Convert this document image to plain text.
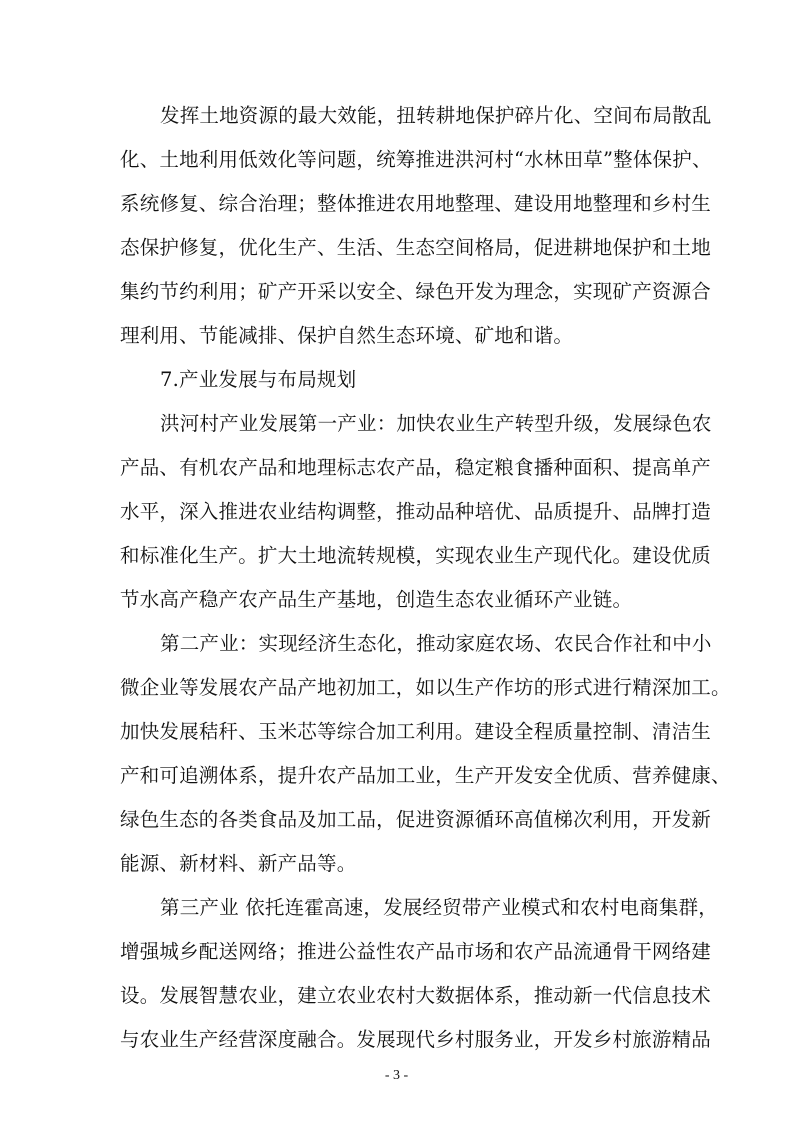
发挥土地资源的最大效能，扭转耕地保护碎片化、空间布局散乱
化、土地利用低效化等问题，统筹推进洪河村“水林田草”整体保护、
系统修复、综合治理；整体推进农用地整理、建设用地整理和乡村生
态保护修复，优化生产、生活、生态空间格局，促进耕地保护和土地
集约节约利用；矿产开采以安全、绿色开发为理念，实现矿产资源合
理利用、节能减排、保护自然生态环境、矿地和谐。
7.产业发展与布局规划
洪河村产业发展第一产业：加快农业生产转型升级，发展绿色农
产品、有机农产品和地理标志农产品，稳定粮食播种面积、提高单产
水平，深入推进农业结构调整，推动品种培优、品质提升、品牌打造
和标准化生产。扩大土地流转规模，实现农业生产现代化。建设优质
节水高产稳产农产品生产基地，创造生态农业循环产业链。
第二产业：实现经济生态化，推动家庭农场、农民合作社和中小
微企业等发展农产品产地初加工，如以生产作坊的形式进行精深加工。
加快发展秸秆、玉米芯等综合加工利用。建设全程质量控制、清洁生
产和可追溯体系，提升农产品加工业，生产开发安全优质、营养健康、
绿色生态的各类食品及加工品，促进资源循环高值梯次利用，开发新
能源、新材料、新产品等。
第三产业 依托连霍高速，发展经贸带产业模式和农村电商集群，
增强城乡配送网络；推进公益性农产品市场和农产品流通骨干网络建
设。发展智慧农业，建立农业农村大数据体系，推动新一代信息技术
与农业生产经营深度融合。发展现代乡村服务业，开发乡村旅游精品
- 3 -
